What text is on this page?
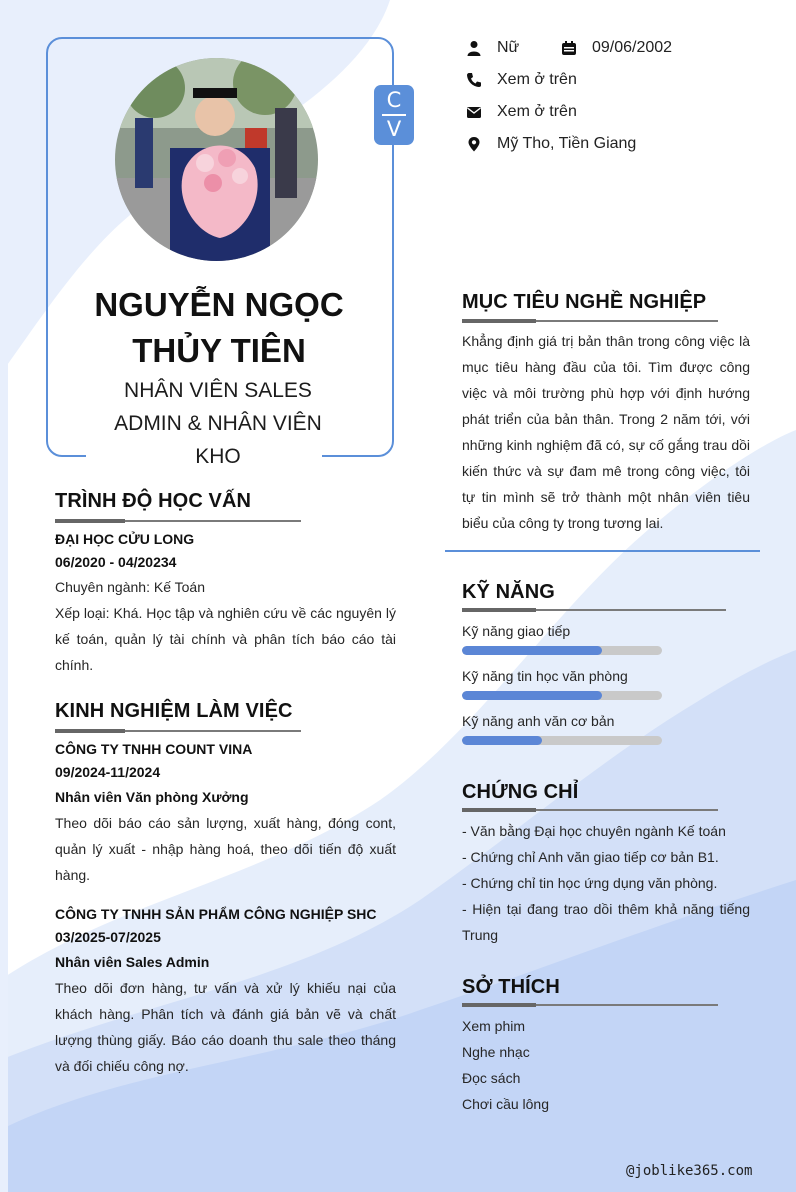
C
V
NGUYỄN NGỌC THỦY TIÊN
NHÂN VIÊN SALES ADMIN & NHÂN VIÊN KHO
Nữ	09/06/2002
Xem ở trên
Xem ở trên
Mỹ Tho, Tiền Giang
TRÌNH ĐỘ HỌC VẤN
ĐẠI HỌC CỬU LONG
06/2020 - 04/20234
Chuyên ngành: Kế Toán
Xếp loại: Khá. Học tập và nghiên cứu về các nguyên lý kế toán, quản lý tài chính và phân tích báo cáo tài chính.
KINH NGHIỆM LÀM VIỆC
CÔNG TY TNHH COUNT VINA
09/2024-11/2024
Nhân viên Văn phòng Xưởng
Theo dõi báo cáo sản lượng, xuất hàng, đóng cont, quản lý xuất - nhập hàng hoá, theo dõi tiến độ xuất hàng.
CÔNG TY TNHH SẢN PHẨM CÔNG NGHIỆP SHC
03/2025-07/2025
Nhân viên Sales Admin
Theo dõi đơn hàng, tư vấn và xử lý khiếu nại của khách hàng. Phân tích và đánh giá bản vẽ và chất lượng thùng giấy. Báo cáo doanh thu sale theo tháng và đối chiếu công nợ.
MỤC TIÊU NGHỀ NGHIỆP
Khẳng định giá trị bản thân trong công việc là mục tiêu hàng đầu của tôi. Tìm được công việc và môi trường phù hợp với định hướng phát triển của bản thân. Trong 2 năm tới, với những kinh nghiệm đã có, sự cố gắng trau dồi kiến thức và sự đam mê trong công việc, tôi tự tin mình sẽ trở thành một nhân viên tiêu biểu của công ty trong tương lai.
KỸ NĂNG
Kỹ năng giao tiếp
Kỹ năng tin học văn phòng
Kỹ năng anh văn cơ bản
CHỨNG CHỈ
- Văn bằng Đại học chuyên ngành Kế toán
- Chứng chỉ Anh văn giao tiếp cơ bản B1.
- Chứng chỉ tin học ứng dụng văn phòng.
- Hiện tại đang trao dồi thêm khả năng tiếng Trung
SỞ THÍCH
Xem phim
Nghe nhạc
Đọc sách
Chơi cầu lông
@joblike365.com
